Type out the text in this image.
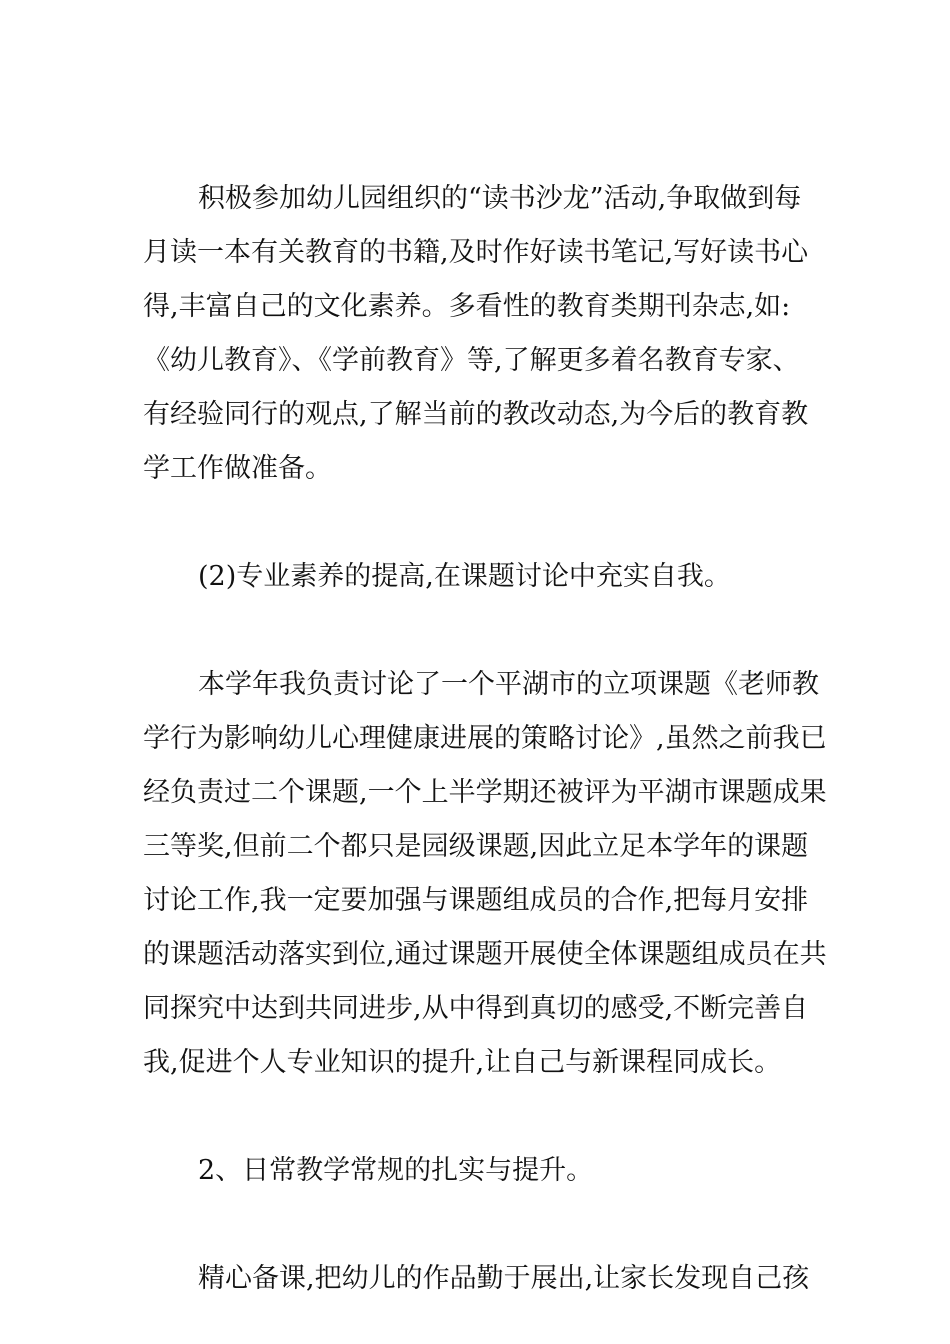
积极参加幼儿园组织的“读书沙龙”活动,争取做到每
月读一本有关教育的书籍,及时作好读书笔记,写好读书心
得,丰富自己的文化素养。多看性的教育类期刊杂志,如:
《幼儿教育》、《学前教育》等,了解更多着名教育专家、
有经验同行的观点,了解当前的教改动态,为今后的教育教
学工作做准备。
(2)专业素养的提高,在课题讨论中充实自我。
本学年我负责讨论了一个平湖市的立项课题《老师教
学行为影响幼儿心理健康进展的策略讨论》,虽然之前我已
经负责过二个课题,一个上半学期还被评为平湖市课题成果
三等奖,但前二个都只是园级课题,因此立足本学年的课题
讨论工作,我一定要加强与课题组成员的合作,把每月安排
的课题活动落实到位,通过课题开展使全体课题组成员在共
同探究中达到共同进步,从中得到真切的感受,不断完善自
我,促进个人专业知识的提升,让自己与新课程同成长。
2、日常教学常规的扎实与提升。
精心备课,把幼儿的作品勤于展出,让家长发现自己孩
